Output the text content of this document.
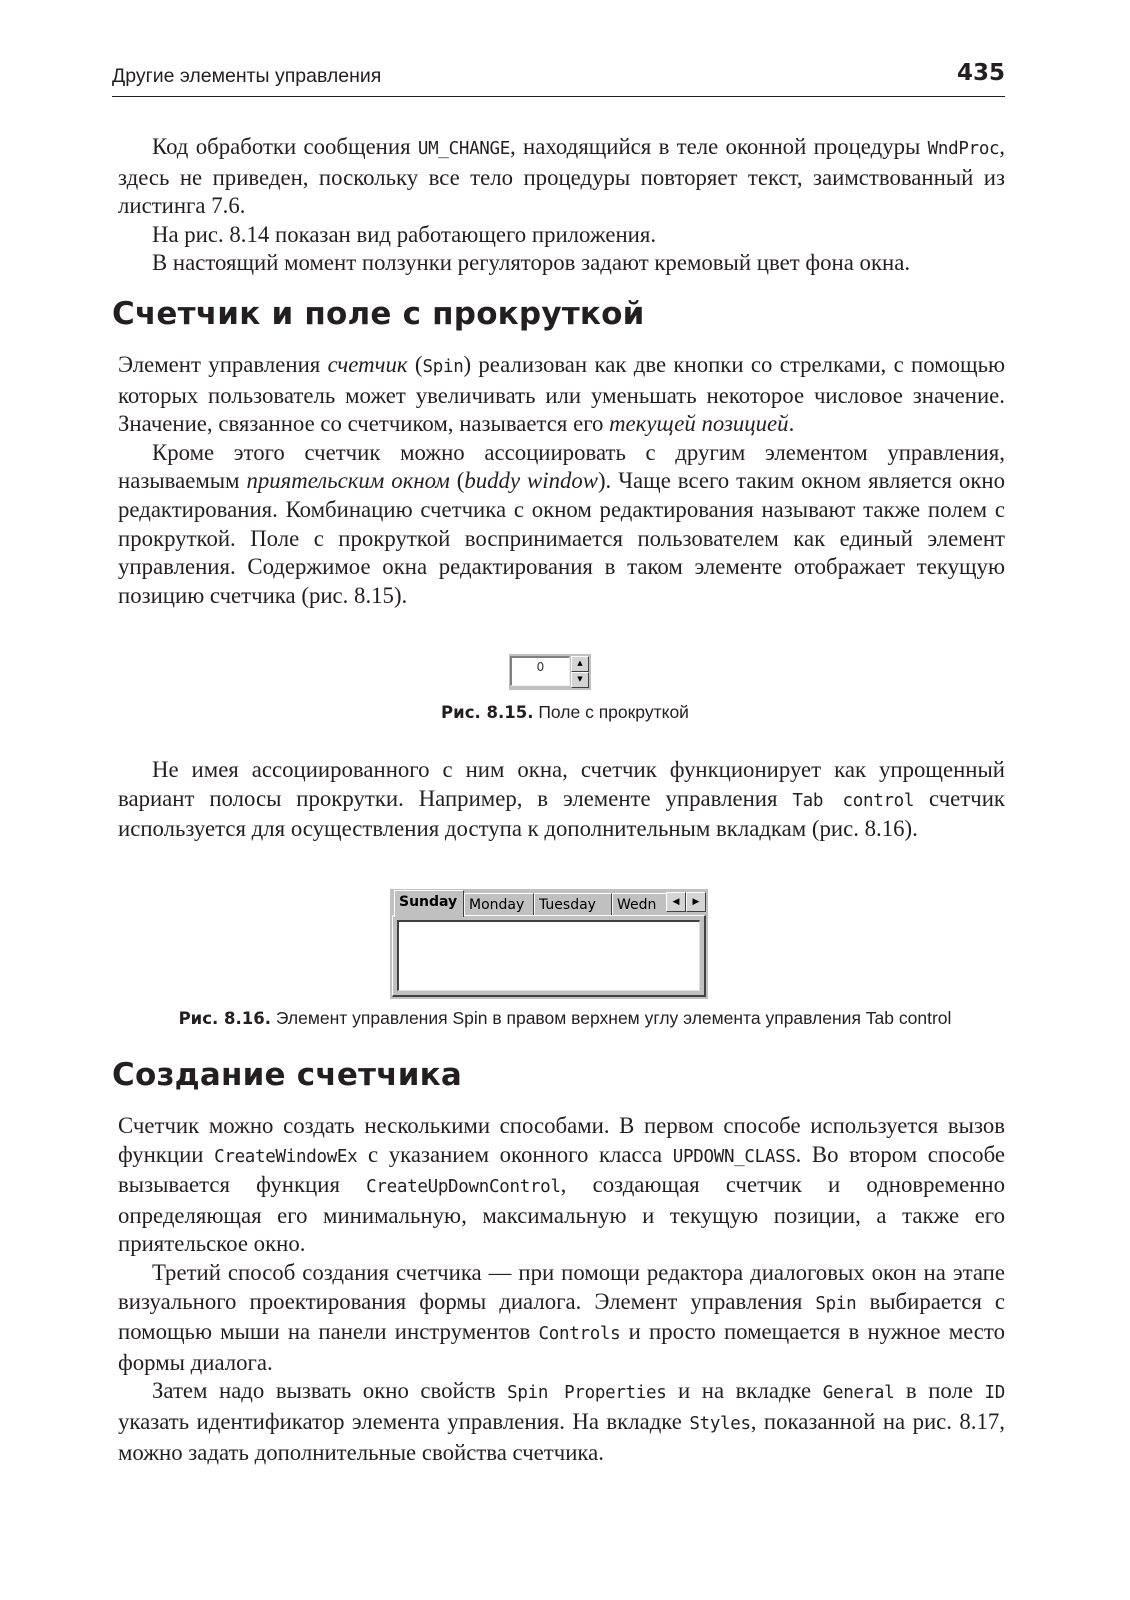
Другие элементы управления	435

Код обработки сообщения UM_CHANGE, находящийся в теле оконной процедуры WndProc, здесь не приведен, поскольку все тело процедуры повторяет текст, заимствованный из листинга 7.6.

На рис. 8.14 показан вид работающего приложения.

В настоящий момент ползунки регуляторов задают кремовый цвет фона окна.

Счетчик и поле с прокруткой

Элемент управления счетчик (Spin) реализован как две кнопки со стрелками, с помощью которых пользователь может увеличивать или уменьшать некоторое числовое значение. Значение, связанное со счетчиком, называется его текущей позицией.

Кроме этого счетчик можно ассоциировать с другим элементом управления, называемым приятельским окном (buddy window). Чаще всего таким окном является окно редактирования. Комбинацию счетчика с окном редактирования называют также полем с прокруткой. Поле с прокруткой воспринимается пользователем как единый элемент управления. Содержимое окна редактирования в таком элементе отображает текущую позицию счетчика (рис. 8.15).

0	▲
▼
Рис. 8.15. Поле с прокруткой

Не имея ассоциированного с ним окна, счетчик функционирует как упрощенный вариант полосы прокрутки. Например, в элементе управления Tab control счетчик используется для осуществления доступа к дополнительным вкладкам (рис. 8.16).

Sunday Monday	Tuesday	Wedn	◀	▶
Рис. 8.16. Элемент управления Spin в правом верхнем углу элемента управления Tab control
Создание счетчика

Счетчик можно создать несколькими способами. В первом способе используется вызов функции CreateWindowEx с указанием оконного класса UPDOWN_CLASS. Во втором способе вызывается функция CreateUpDownControl, создающая счетчик и одновременно определяющая его минимальную, максимальную и текущую позиции, а также его приятельское окно.

Третий способ создания счетчика — при помощи редактора диалоговых окон на этапе визуального проектирования формы диалога. Элемент управления Spin выбирается с помощью мыши на панели инструментов Controls и просто помещается в нужное место формы диалога.

Затем надо вызвать окно свойств Spin Properties и на вкладке General в поле ID указать идентификатор элемента управления. На вкладке Styles, показанной на рис. 8.17, можно задать дополнительные свойства счетчика.
